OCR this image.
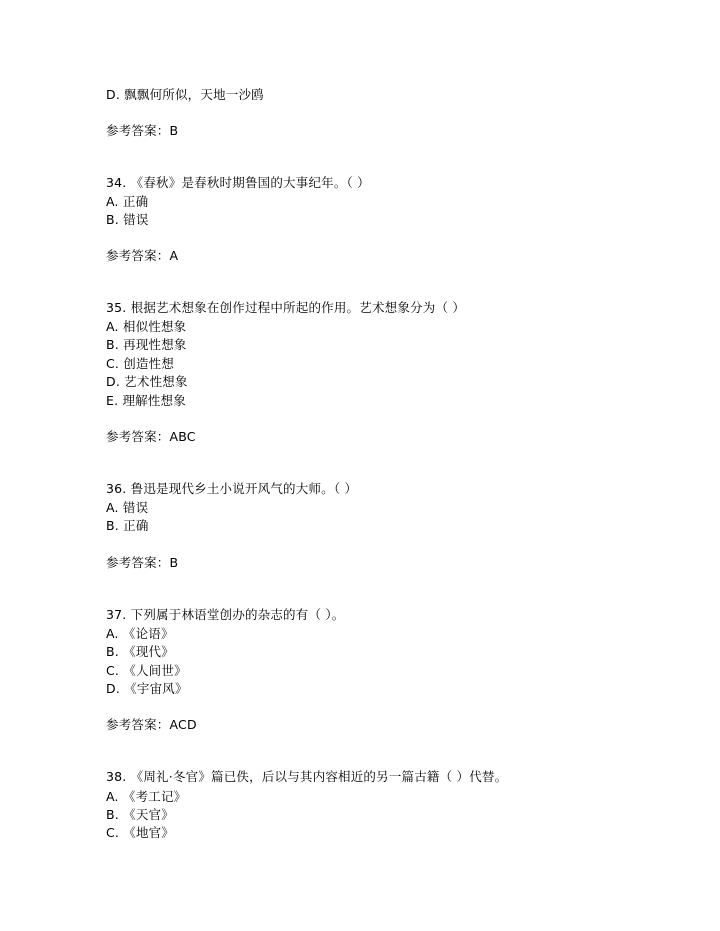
D. 飘飘何所似，天地一沙鸥
参考答案：B
34. 《春秋》是春秋时期鲁国的大事纪年。（ ）
A. 正确
B. 错误
参考答案：A
35. 根据艺术想象在创作过程中所起的作用。艺术想象分为（ ）
A. 相似性想象
B. 再现性想象
C. 创造性想
D. 艺术性想象
E. 理解性想象
参考答案：ABC
36. 鲁迅是现代乡土小说开风气的大师。（ ）
A. 错误
B. 正确
参考答案：B
37. 下列属于林语堂创办的杂志的有（ ）。
A. 《论语》
B. 《现代》
C. 《人间世》
D. 《宇宙风》
参考答案：ACD
38. 《周礼·冬官》篇已佚，后以与其内容相近的另一篇古籍（ ）代替。
A. 《考工记》
B. 《天官》
C. 《地官》
